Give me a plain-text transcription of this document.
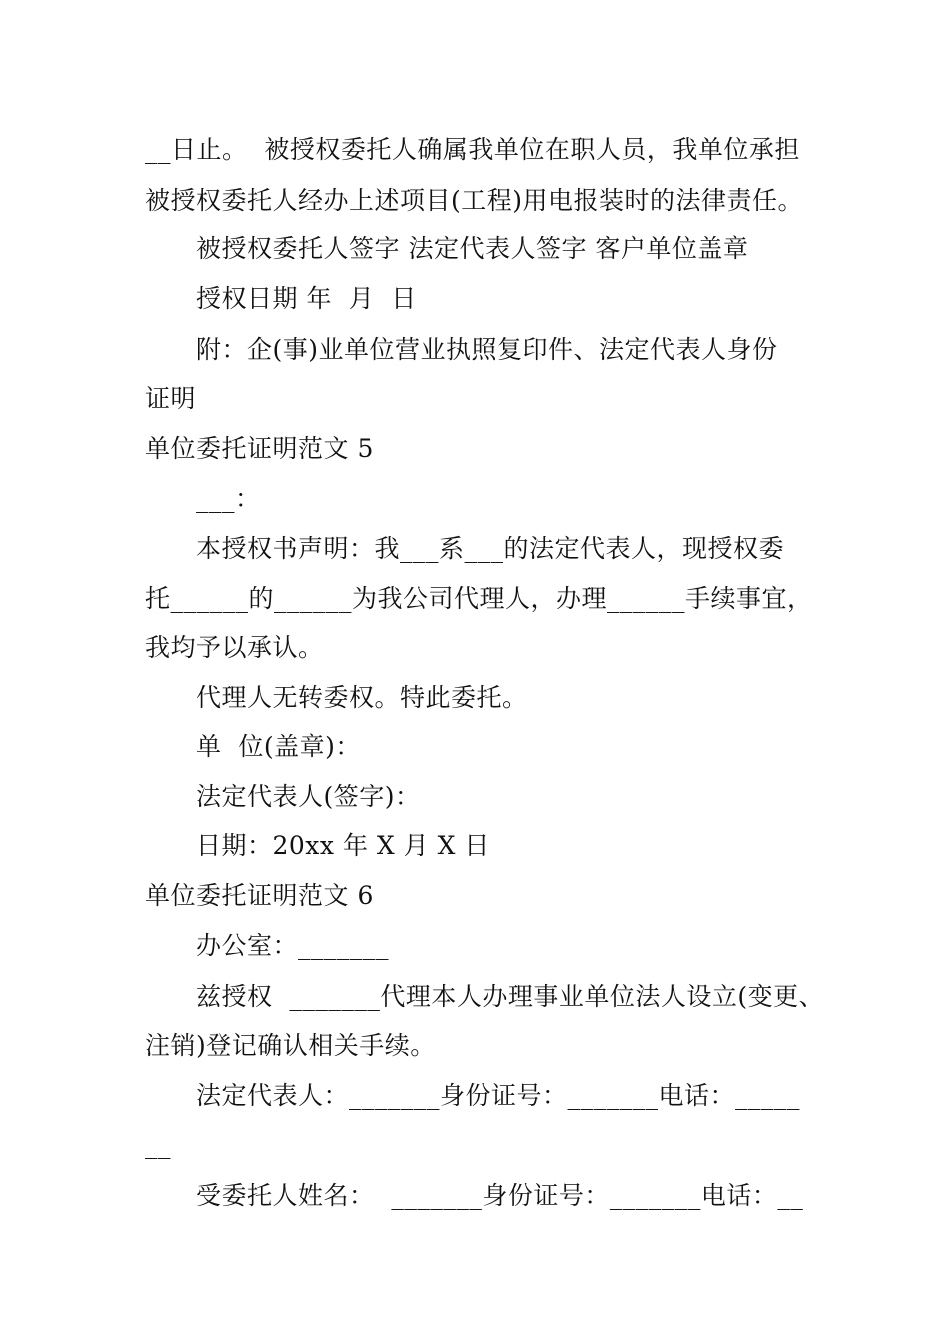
__日止。  被授权委托人确属我单位在职人员，我单位承担
被授权委托人经办上述项目(工程)用电报装时的法律责任。
被授权委托人签字 法定代表人签字 客户单位盖章
授权日期 年  月  日
附：企(事)业单位营业执照复印件、法定代表人身份
证明
单位委托证明范文 5
___：
本授权书声明：我___系___的法定代表人，现授权委
托______的______为我公司代理人，办理______手续事宜，
我均予以承认。
代理人无转委权。特此委托。
单  位(盖章)：
法定代表人(签字)：
日期：20xx 年 X 月 X 日
单位委托证明范文 6
办公室：_______
兹授权  _______代理本人办理事业单位法人设立(变更、
注销)登记确认相关手续。
法定代表人：_______身份证号：_______电话：_____
__
受委托人姓名：  _______身份证号：_______电话：__
